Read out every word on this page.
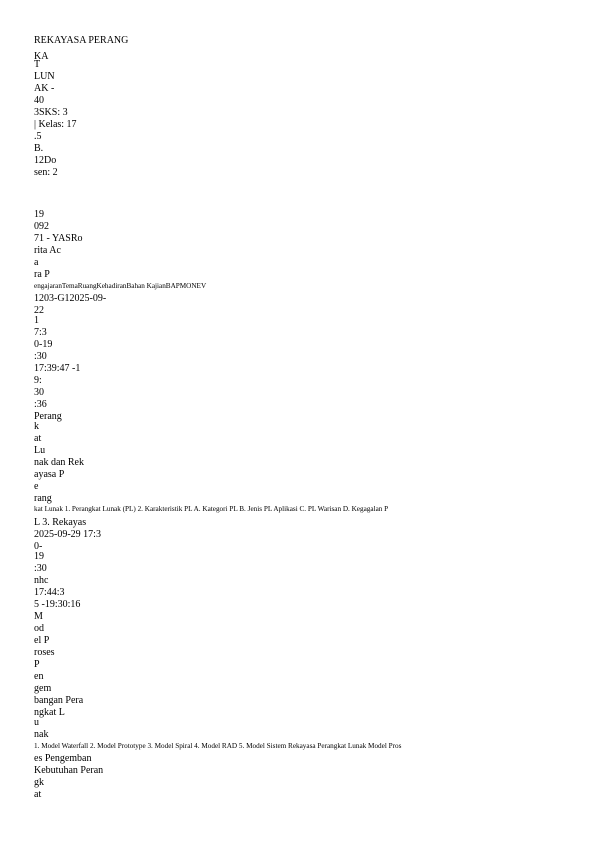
REKAYASA PERANG
KA
T
LUN
AK -
40
3SKS: 3
| Kelas: 17
.5
B.
12Do
sen: 2
19
092
71 - YASRo
rita Ac
a
ra P
engajaranTemaRuangKehadiranBahan KajianBAPMONEV
1203-G12025-09-
22
1
7:3
0-19
:30
17:39:47 -1
9:
30
:36
Perang
k
at
Lu
nak dan Rek
ayasa P
e
rang
kat Lunak 1. Perangkat Lunak (PL) 2. Karakteristik PL A. Kategori PL B. Jenis PL Aplikasi C. PL Warisan D. Kegagalan P
L 3. Rekayas
2025-09-29 17:3
0-
19
:30
nhc
17:44:3
5 -19:30:16
M
od
el P
roses
P
en
gem
bangan Pera
ngkat L
u
nak
1. Model Waterfall 2. Model Prototype 3. Model Spiral 4. Model RAD 5. Model Sistem Rekayasa Perangkat Lunak Model Pros
es Pengemban
Kebutuhan Peran
gk
at
